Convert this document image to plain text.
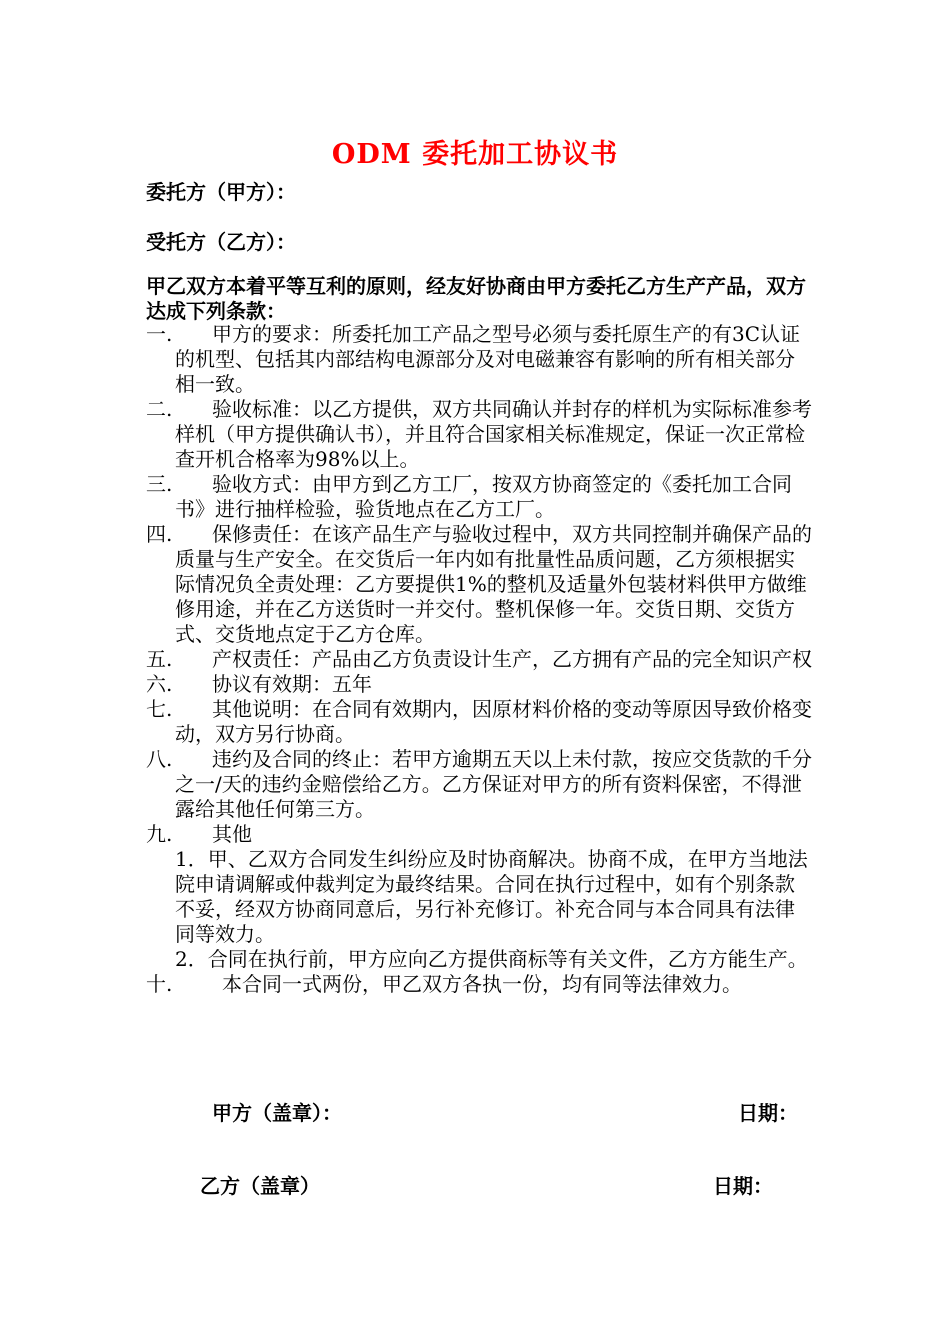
ODM 委托加工协议书
委托方（甲方）：
受托方（乙方）：
甲乙双方本着平等互利的原则，经友好协商由甲方委托乙方生产产品，双方达成下列条款：
一. 甲方的要求：所委托加工产品之型号必须与委托原生产的有3C认证的机型、包括其内部结构电源部分及对电磁兼容有影响的所有相关部分相一致。
二. 验收标准：以乙方提供，双方共同确认并封存的样机为实际标准参考样机（甲方提供确认书），并且符合国家相关标准规定，保证一次正常检查开机合格率为98%以上。
三. 验收方式：由甲方到乙方工厂，按双方协商签定的《委托加工合同书》进行抽样检验，验货地点在乙方工厂。
四. 保修责任：在该产品生产与验收过程中，双方共同控制并确保产品的质量与生产安全。在交货后一年内如有批量性品质问题，乙方须根据实际情况负全责处理：乙方要提供1%的整机及适量外包装材料供甲方做维修用途，并在乙方送货时一并交付。整机保修一年。交货日期、交货方式、交货地点定于乙方仓库。
五. 产权责任：产品由乙方负责设计生产，乙方拥有产品的完全知识产权
六. 协议有效期：五年
七. 其他说明：在合同有效期内，因原材料价格的变动等原因导致价格变动，双方另行协商。
八. 违约及合同的终止：若甲方逾期五天以上未付款，按应交货款的千分之一/天的违约金赔偿给乙方。乙方保证对甲方的所有资料保密，不得泄露给其他任何第三方。
九. 其他
1．甲、乙双方合同发生纠纷应及时协商解决。协商不成，在甲方当地法院申请调解或仲裁判定为最终结果。合同在执行过程中，如有个别条款不妥，经双方协商同意后，另行补充修订。补充合同与本合同具有法律同等效力。
2．合同在执行前，甲方应向乙方提供商标等有关文件，乙方方能生产。
十. 本合同一式两份，甲乙双方各执一份，均有同等法律效力。
甲方（盖章）：	日期：
乙方（盖章）	日期：
